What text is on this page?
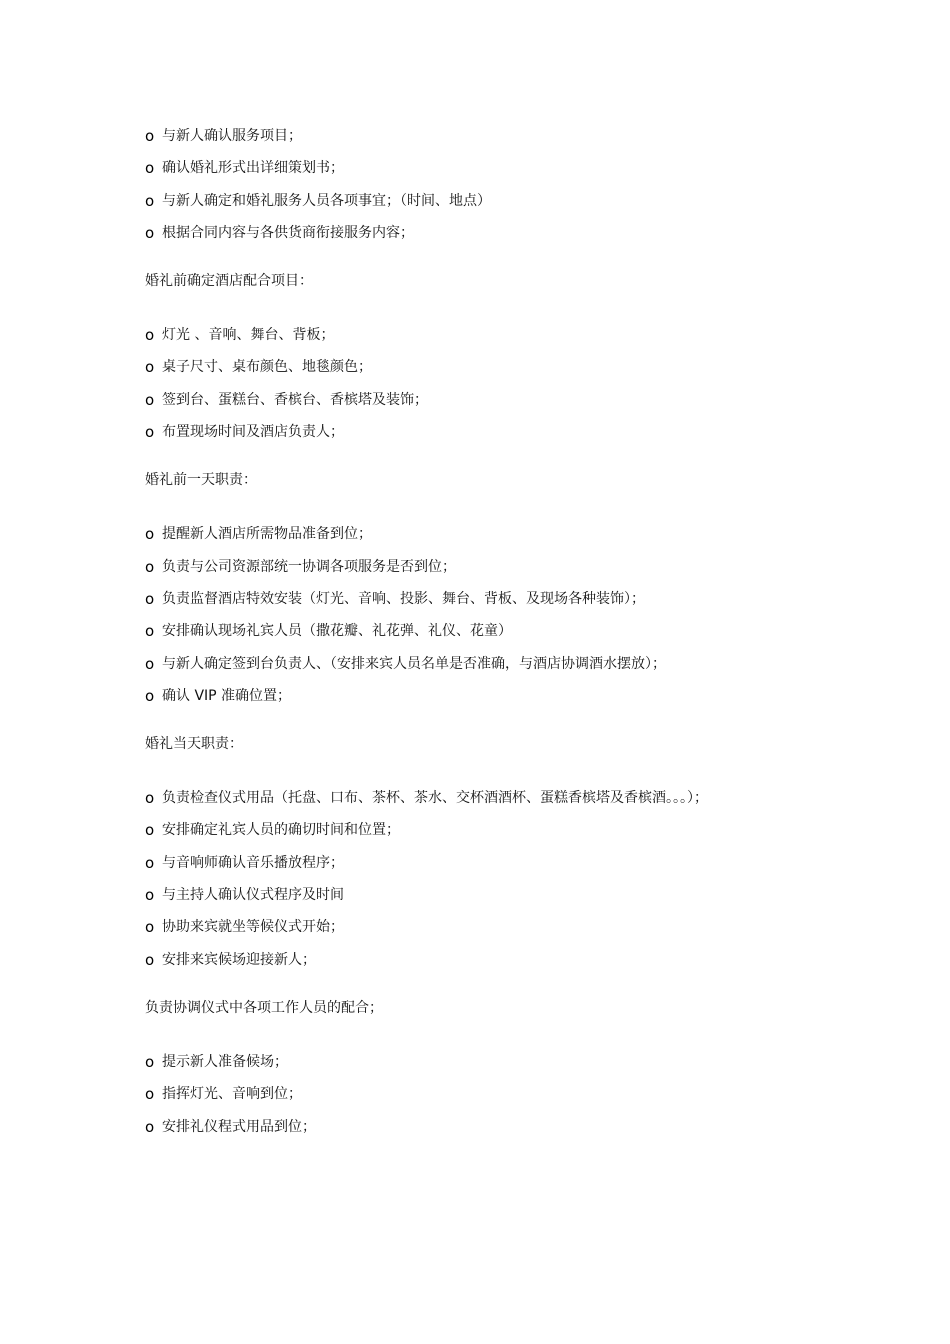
o 与新人确认服务项目；
o 确认婚礼形式出详细策划书；
o 与新人确定和婚礼服务人员各项事宜；（时间、地点）
o 根据合同内容与各供货商衔接服务内容；
婚礼前确定酒店配合项目：
o 灯光 、音响、舞台、背板；
o 桌子尺寸、桌布颜色、地毯颜色；
o 签到台、蛋糕台、香槟台、香槟塔及装饰；
o 布置现场时间及酒店负责人；
婚礼前一天职责：
o 提醒新人酒店所需物品准备到位；
o 负责与公司资源部统一协调各项服务是否到位；
o 负责监督酒店特效安装（灯光、音响、投影、舞台、背板、及现场各种装饰）；
o 安排确认现场礼宾人员（撒花瓣、礼花弹、礼仪、花童）
o 与新人确定签到台负责人、（安排来宾人员名单是否准确，与酒店协调酒水摆放）；
o 确认 VIP 准确位置；
婚礼当天职责：
o 负责检查仪式用品（托盘、口布、茶杯、茶水、交杯酒酒杯、蛋糕香槟塔及香槟酒。。。）；
o 安排确定礼宾人员的确切时间和位置；
o 与音响师确认音乐播放程序；
o 与主持人确认仪式程序及时间
o 协助来宾就坐等候仪式开始；
o 安排来宾候场迎接新人；
负责协调仪式中各项工作人员的配合；
o 提示新人准备候场；
o 指挥灯光、音响到位；
o 安排礼仪程式用品到位；
